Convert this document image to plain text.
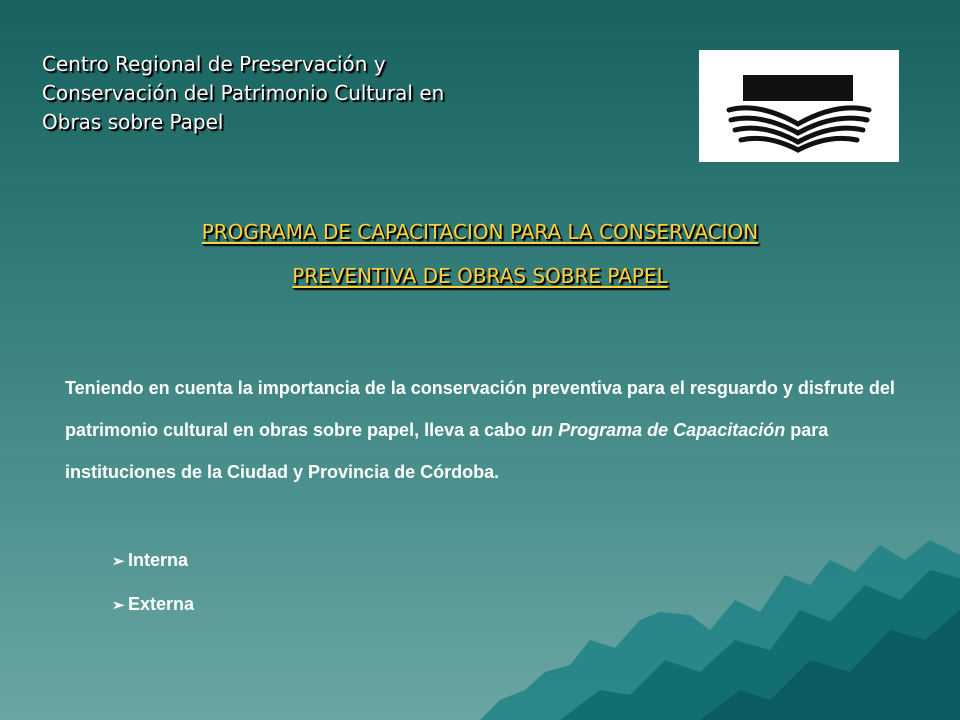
Centro Regional de Preservación y
Conservación del Patrimonio Cultural en
Obras sobre Papel
PROGRAMA DE CAPACITACION PARA LA CONSERVACION
PREVENTIVA DE OBRAS SOBRE PAPEL

Teniendo en cuenta la importancia de la conservación preventiva para el resguardo y disfrute del patrimonio cultural en obras sobre papel, lleva a cabo un Programa de Capacitación para instituciones de la Ciudad y Provincia de Córdoba.

➢ Interna
➢ Externa
